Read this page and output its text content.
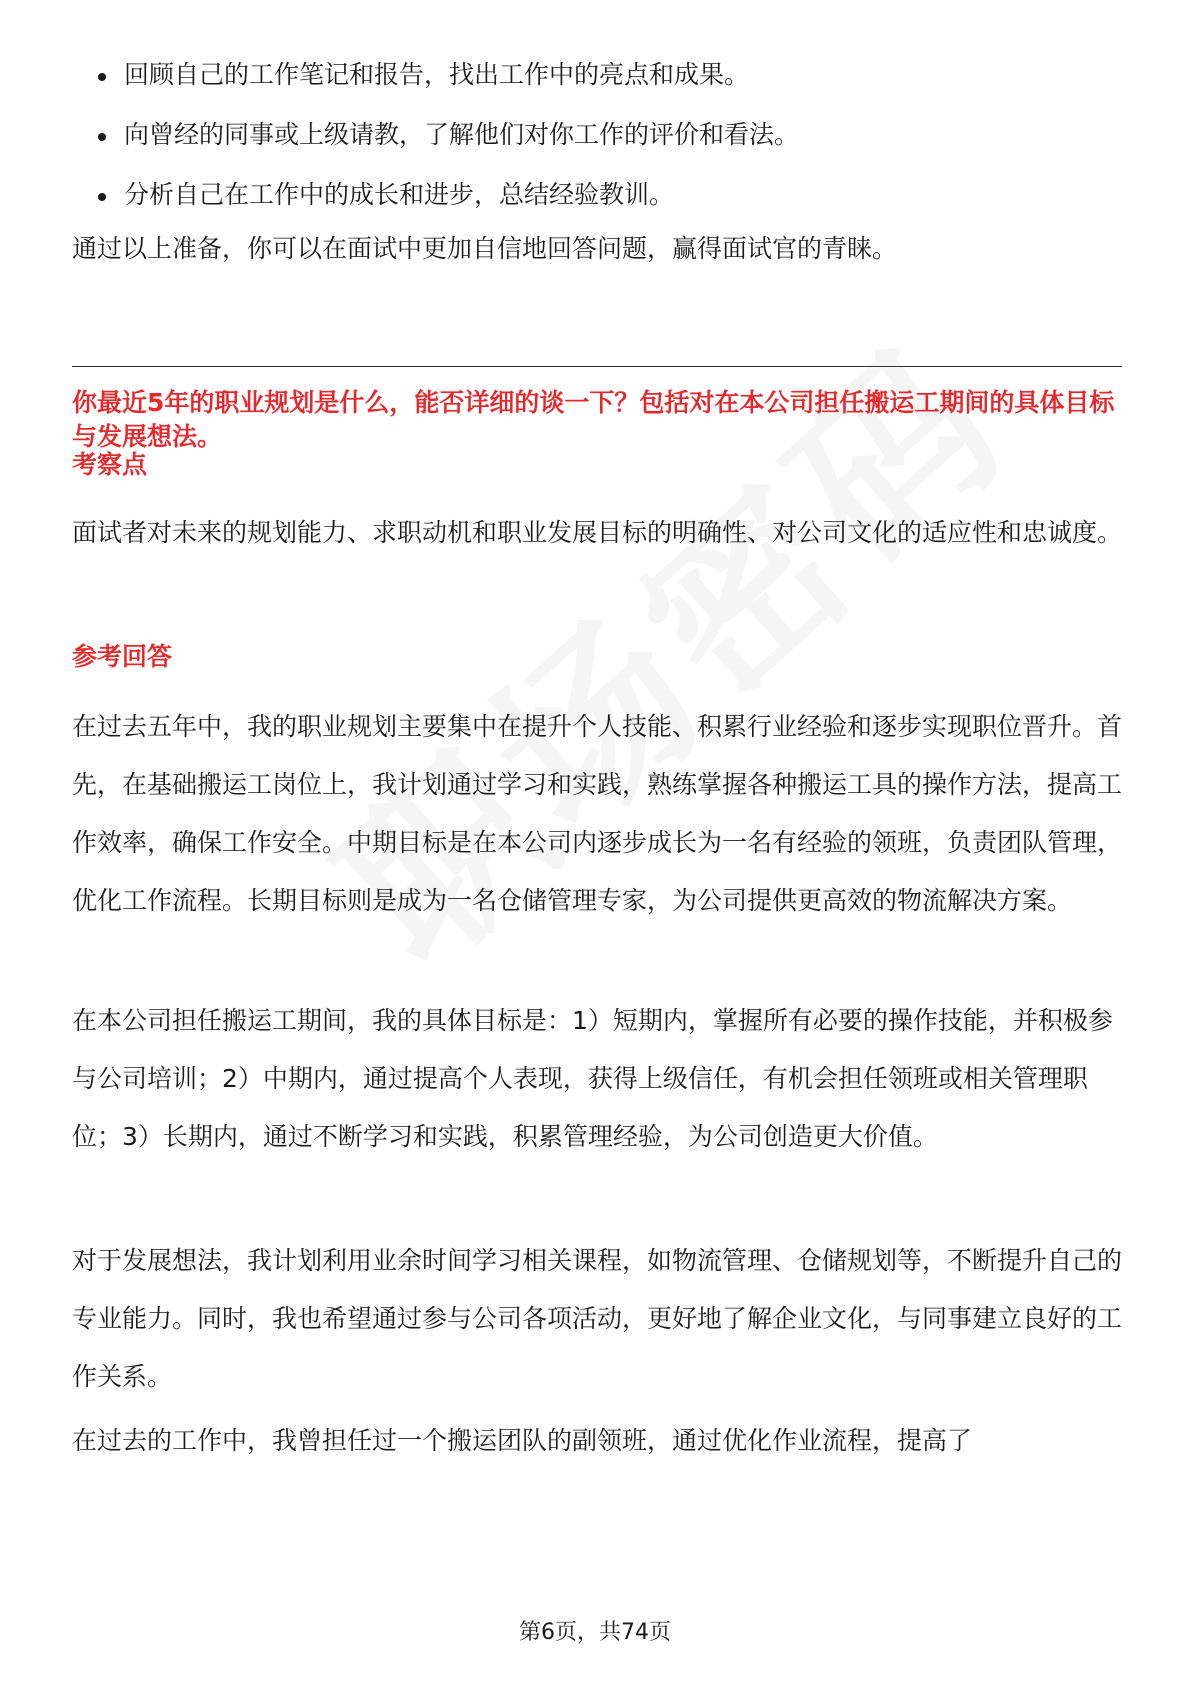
回顾自己的工作笔记和报告，找出工作中的亮点和成果。
向曾经的同事或上级请教，了解他们对你工作的评价和看法。
分析自己在工作中的成长和进步，总结经验教训。

通过以上准备，你可以在面试中更加自信地回答问题，赢得面试官的青睐。

你最近5年的职业规划是什么，能否详细的谈一下？包括对在本公司担任搬运工期间的具体目标与发展想法。

考察点

面试者对未来的规划能力、求职动机和职业发展目标的明确性、对公司文化的适应性和忠诚度。

参考回答

在过去五年中，我的职业规划主要集中在提升个人技能、积累行业经验和逐步实现职位晋升。首先，在基础搬运工岗位上，我计划通过学习和实践，熟练掌握各种搬运工具的操作方法，提高工作效率，确保工作安全。中期目标是在本公司内逐步成长为一名有经验的领班，负责团队管理，优化工作流程。长期目标则是成为一名仓储管理专家，为公司提供更高效的物流解决方案。

在本公司担任搬运工期间，我的具体目标是：1）短期内，掌握所有必要的操作技能，并积极参与公司培训；2）中期内，通过提高个人表现，获得上级信任，有机会担任领班或相关管理职位；3）长期内，通过不断学习和实践，积累管理经验，为公司创造更大价值。

对于发展想法，我计划利用业余时间学习相关课程，如物流管理、仓储规划等，不断提升自己的专业能力。同时，我也希望通过参与公司各项活动，更好地了解企业文化，与同事建立良好的工作关系。

在过去的工作中，我曾担任过一个搬运团队的副领班，通过优化作业流程，提高了

第6页，共74页
